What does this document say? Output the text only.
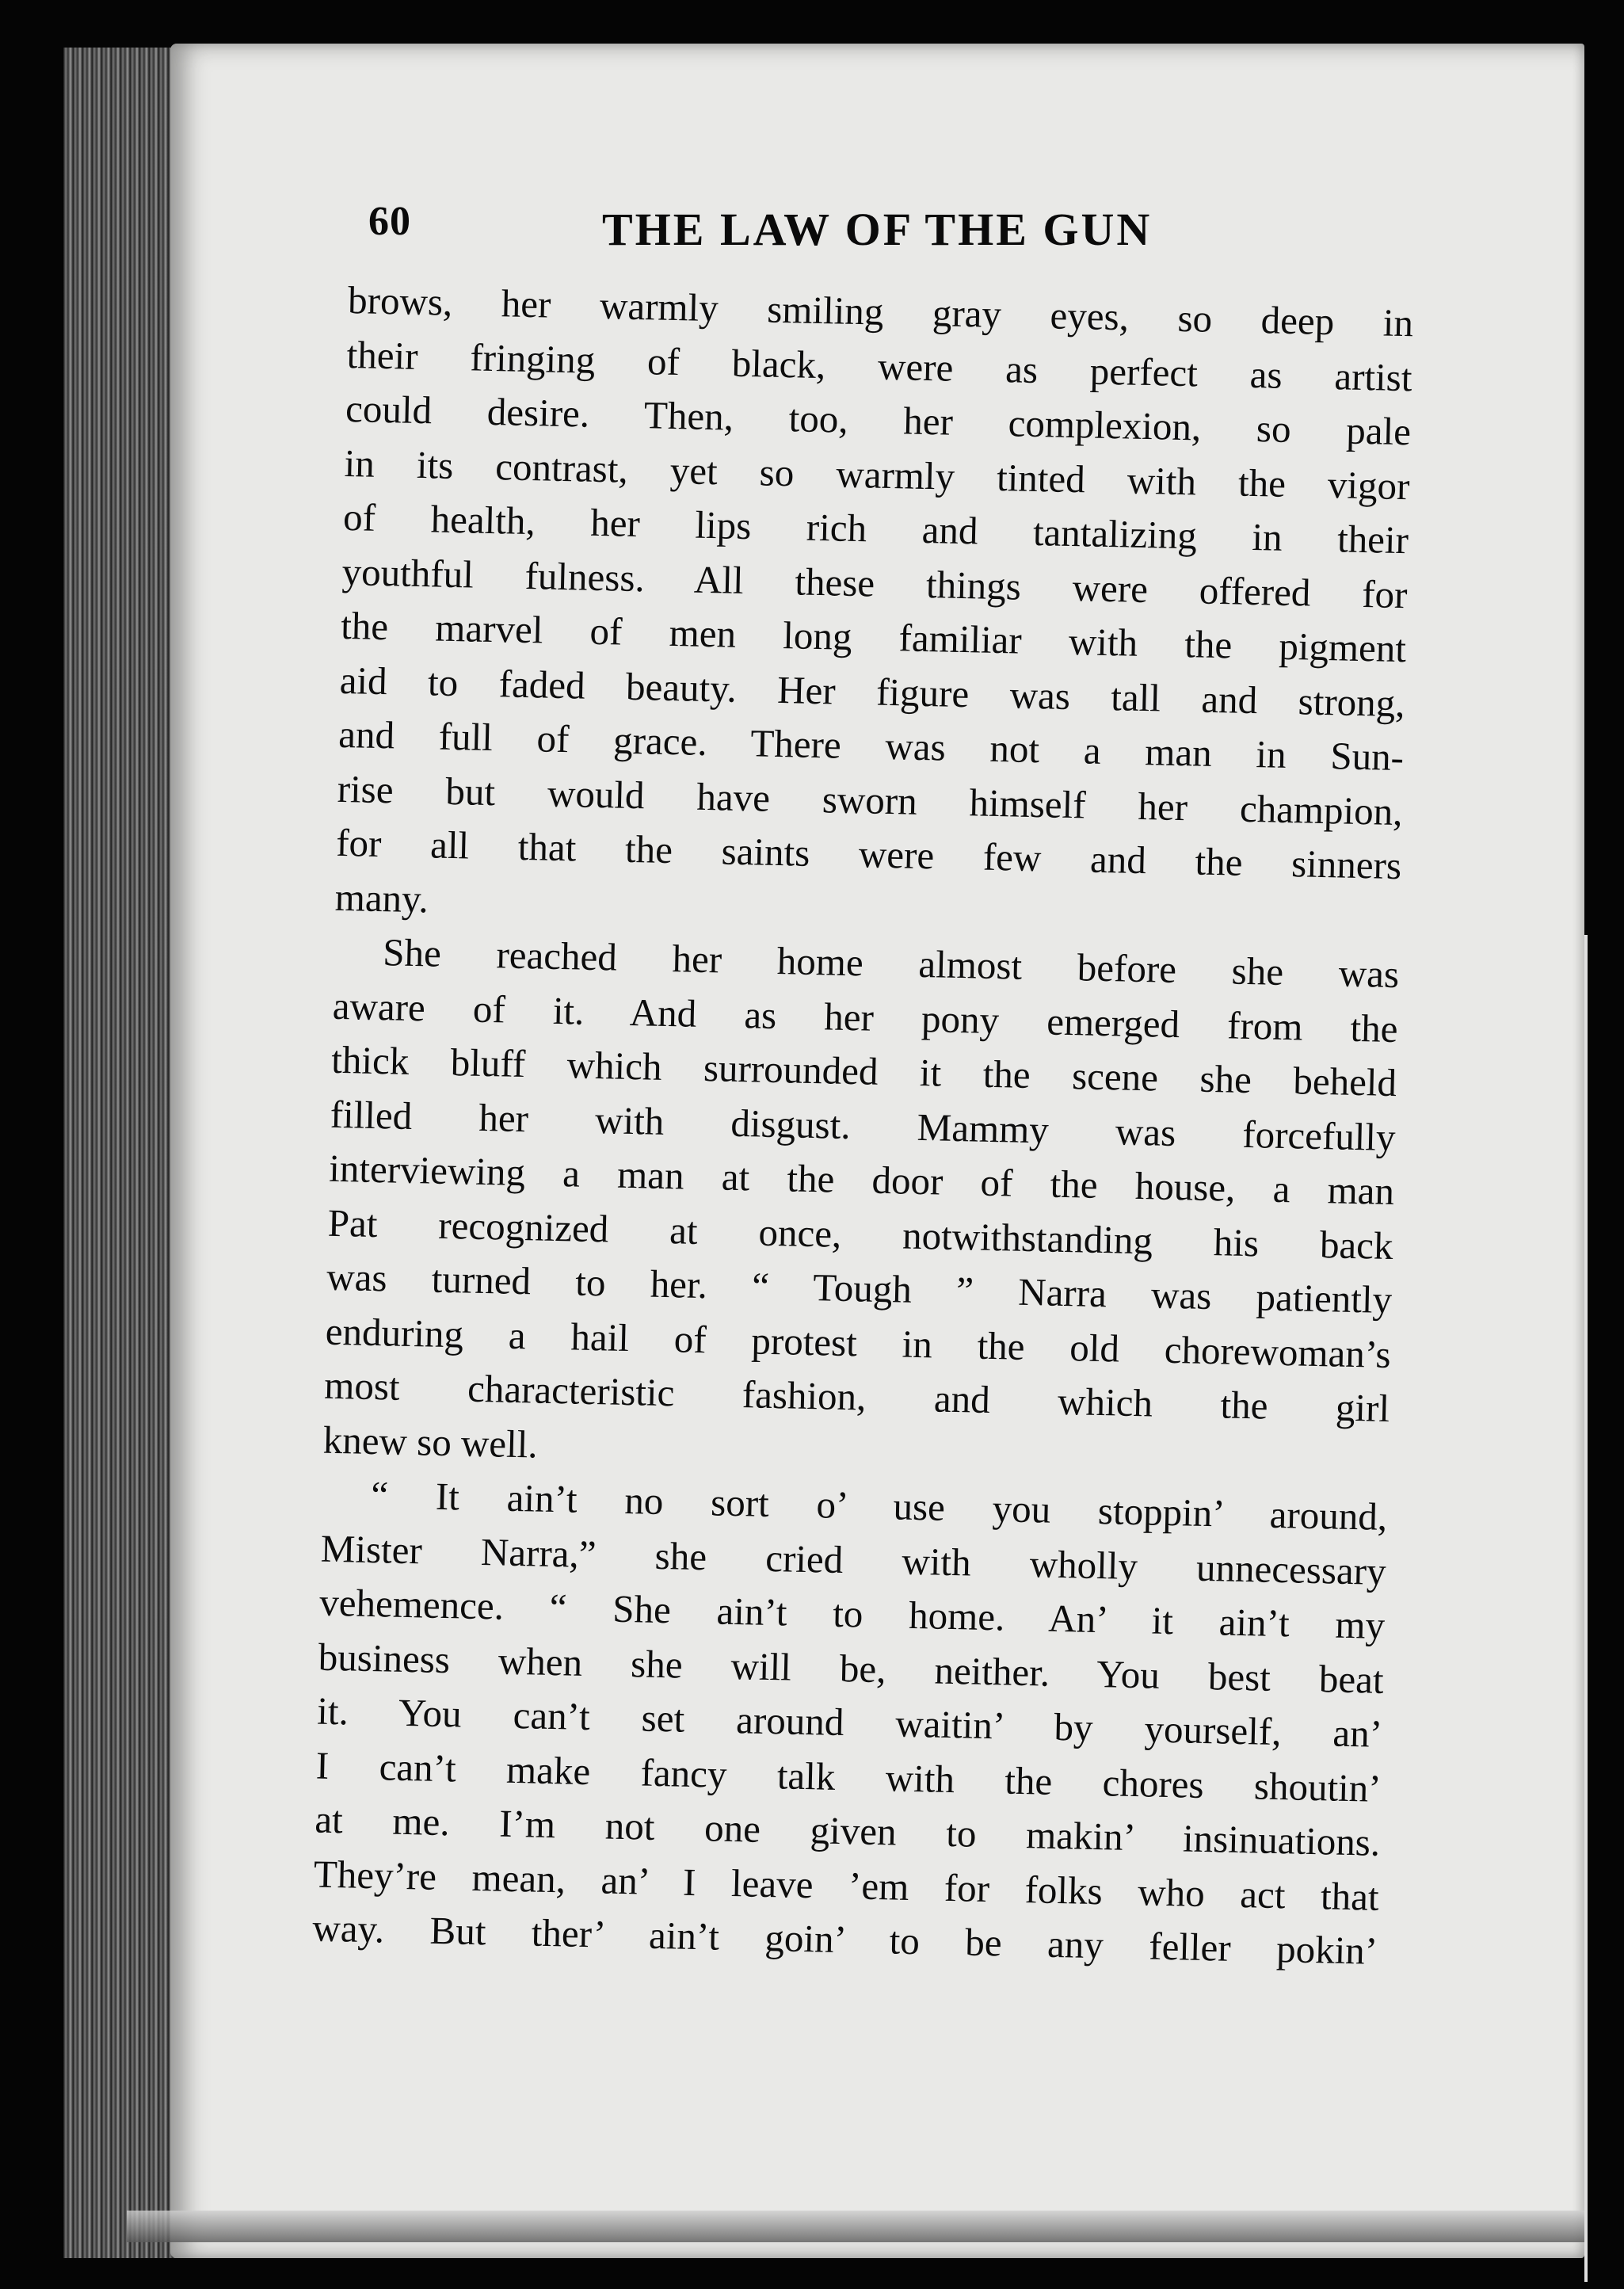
60	THE LAW OF THE GUN

brows, her warmly smiling gray eyes, so deep in
their fringing of black, were as perfect as artist
could desire. Then, too, her complexion, so pale
in its contrast, yet so warmly tinted with the vigor
of health, her lips rich and tantalizing in their
youthful fulness. All these things were offered for
the marvel of men long familiar with the pigment
aid to faded beauty. Her figure was tall and strong,
and full of grace. There was not a man in Sun-
rise but would have sworn himself her champion,
for all that the saints were few and the sinners
many.

She reached her home almost before she was
aware of it. And as her pony emerged from the
thick bluff which surrounded it the scene she beheld
filled her with disgust. Mammy was forcefully
interviewing a man at the door of the house, a man
Pat recognized at once, notwithstanding his back
was turned to her. “ Tough ” Narra was patiently
enduring a hail of protest in the old chorewoman’s
most characteristic fashion, and which the girl
knew so well.

“ It ain’t no sort o’ use you stoppin’ around,
Mister Narra,” she cried with wholly unnecessary
vehemence. “ She ain’t to home. An’ it ain’t my
business when she will be, neither. You best beat
it. You can’t set around waitin’ by yourself, an’
I can’t make fancy talk with the chores shoutin’
at me. I’m not one given to makin’ insinuations.
They’re mean, an’ I leave ’em for folks who act that
way. But ther’ ain’t goin’ to be any feller pokin’
